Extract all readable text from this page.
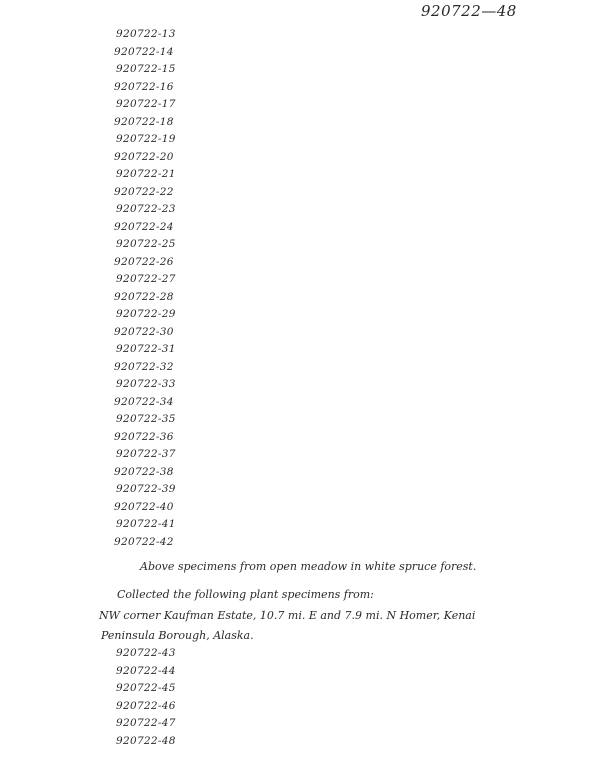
920722—48
920722-13
920722-14
920722-15
920722-16
920722-17
920722-18
920722-19
920722-20
920722-21
920722-22
920722-23
920722-24
920722-25
920722-26
920722-27
920722-28
920722-29
920722-30
920722-31
920722-32
920722-33
920722-34
920722-35
920722-36
920722-37
920722-38
920722-39
920722-40
920722-41
920722-42
Above specimens from open meadow in white spruce forest.
Collected the following plant specimens from:
NW corner Kaufman Estate, 10.7 mi. E and 7.9 mi. N Homer, Kenai
Peninsula Borough, Alaska.
920722-43
920722-44
920722-45
920722-46
920722-47
920722-48
